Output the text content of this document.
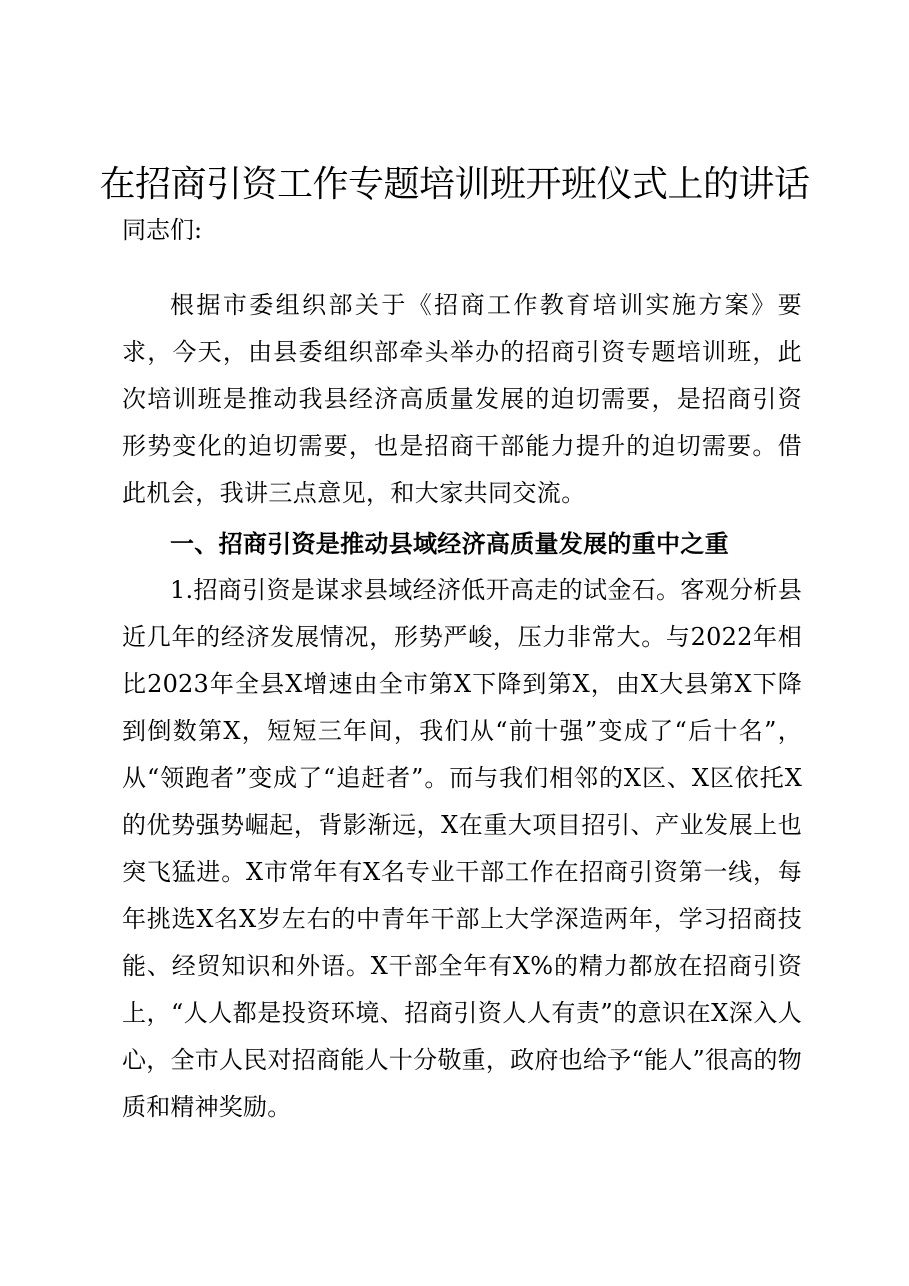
在招商引资工作专题培训班开班仪式上的讲话
同志们:

根据市委组织部关于《招商工作教育培训实施方案》要求，今天，由县委组织部牵头举办的招商引资专题培训班，此次培训班是推动我县经济高质量发展的迫切需要，是招商引资形势变化的迫切需要，也是招商干部能力提升的迫切需要。借此机会，我讲三点意见，和大家共同交流。

一、招商引资是推动县域经济高质量发展的重中之重

1.招商引资是谋求县域经济低开高走的试金石。客观分析县近几年的经济发展情况，形势严峻，压力非常大。与2022年相比2023年全县X增速由全市第X下降到第X，由X大县第X下降到倒数第X，短短三年间，我们从“前十强”变成了“后十名”，从“领跑者”变成了“追赶者”。而与我们相邻的X区、X区依托X的优势强势崛起，背影渐远，X在重大项目招引、产业发展上也突飞猛进。X市常年有X名专业干部工作在招商引资第一线，每年挑选X名X岁左右的中青年干部上大学深造两年，学习招商技能、经贸知识和外语。X干部全年有X%的精力都放在招商引资上，“人人都是投资环境、招商引资人人有责”的意识在X深入人心，全市人民对招商能人十分敬重，政府也给予“能人”很高的物质和精神奖励。
